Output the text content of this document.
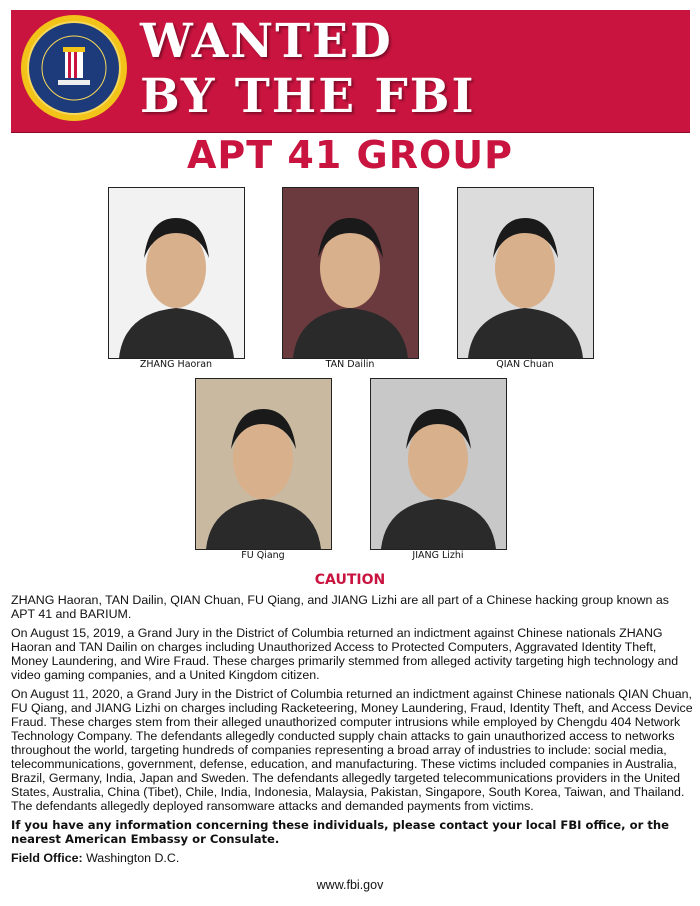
WANTED
BY THE FBI
APT 41 GROUP
ZHANG Haoran	TAN Dailin	QIAN Chuan
FU Qiang	JIANG Lizhi
CAUTION

ZHANG Haoran, TAN Dailin, QIAN Chuan, FU Qiang, and JIANG Lizhi are all part of a Chinese hacking group known as APT 41 and BARIUM.

On August 15, 2019, a Grand Jury in the District of Columbia returned an indictment against Chinese nationals ZHANG Haoran and TAN Dailin on charges including Unauthorized Access to Protected Computers, Aggravated Identity Theft, Money Laundering, and Wire Fraud. These charges primarily stemmed from alleged activity targeting high technology and video gaming companies, and a United Kingdom citizen.

On August 11, 2020, a Grand Jury in the District of Columbia returned an indictment against Chinese nationals QIAN Chuan, FU Qiang, and JIANG Lizhi on charges including Racketeering, Money Laundering, Fraud, Identity Theft, and Access Device Fraud. These charges stem from their alleged unauthorized computer intrusions while employed by Chengdu 404 Network Technology Company. The defendants allegedly conducted supply chain attacks to gain unauthorized access to networks throughout the world, targeting hundreds of companies representing a broad array of industries to include: social media, telecommunications, government, defense, education, and manufacturing. These victims included companies in Australia, Brazil, Germany, India, Japan and Sweden. The defendants allegedly targeted telecommunications providers in the United States, Australia, China (Tibet), Chile, India, Indonesia, Malaysia, Pakistan, Singapore, South Korea, Taiwan, and Thailand. The defendants allegedly deployed ransomware attacks and demanded payments from victims.

If you have any information concerning these individuals, please contact your local FBI office, or the nearest American Embassy or Consulate.

Field Office: Washington D.C.

www.fbi.gov
